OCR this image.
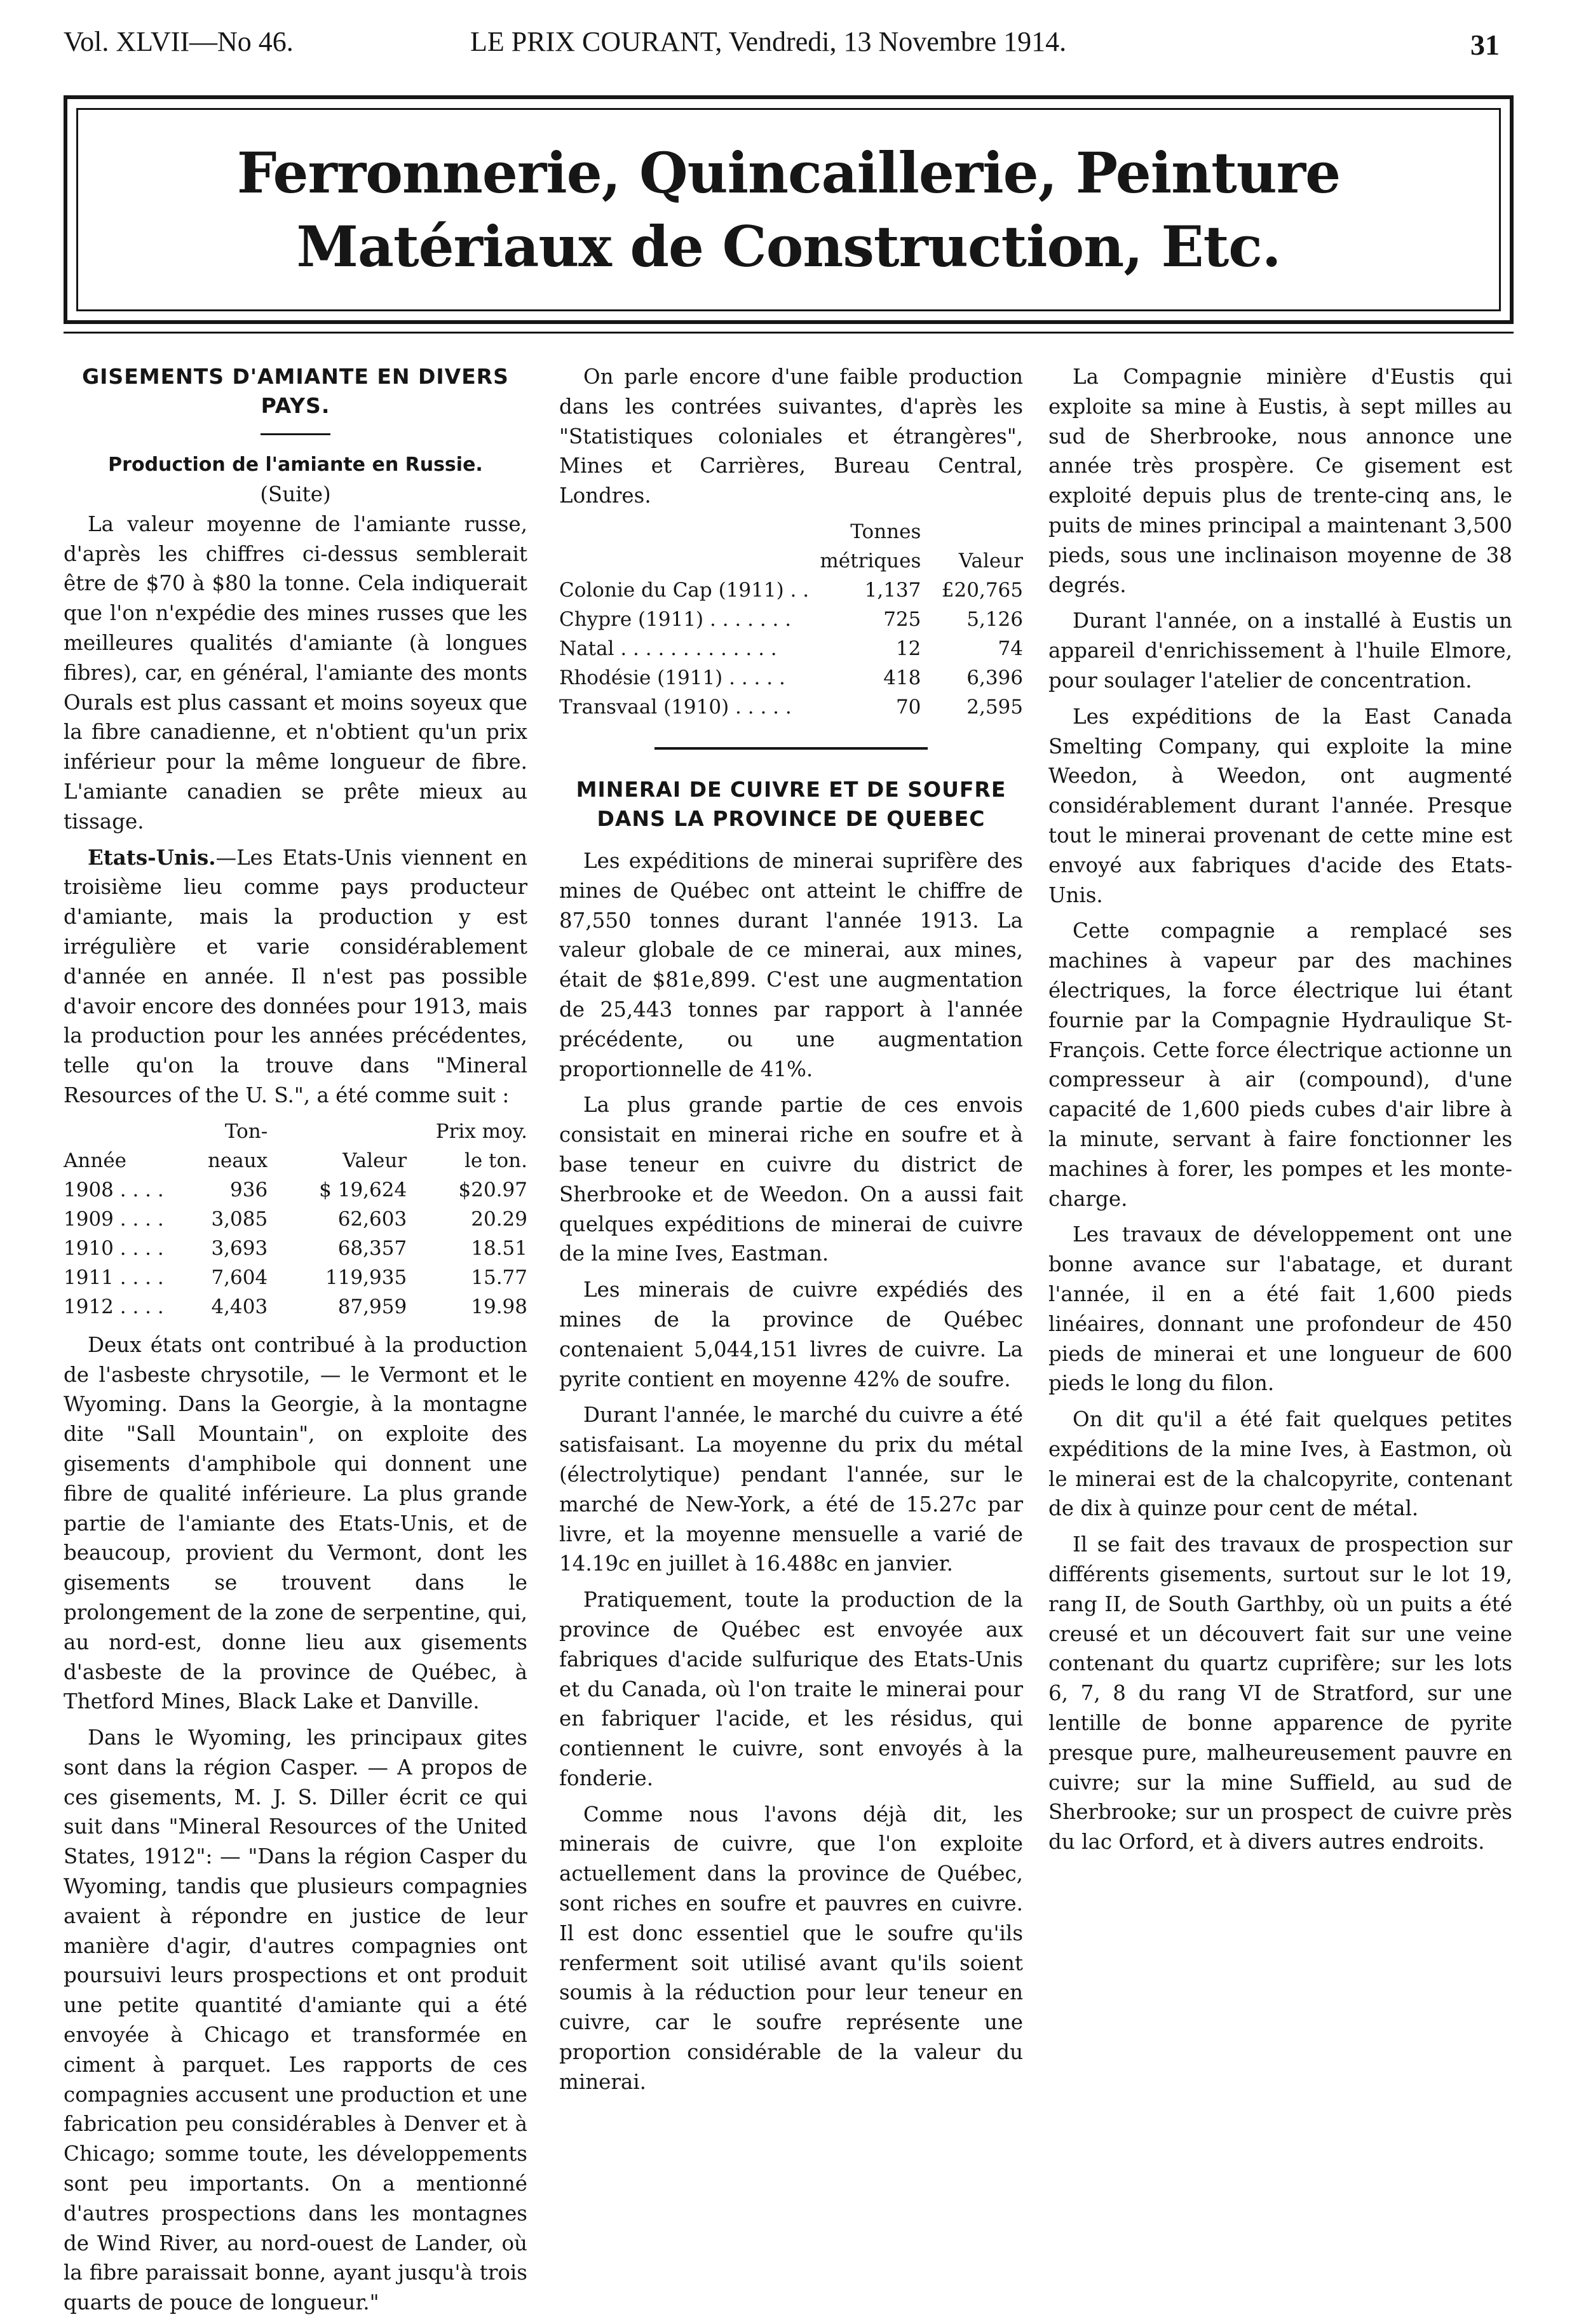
Vol. XLVII—No 46.	LE PRIX COURANT, Vendredi, 13 Novembre 1914.	31
Ferronnerie, Quincaillerie, Peinture
Matériaux de Construction, Etc.
GISEMENTS D'AMIANTE EN DIVERS PAYS.
Production de l'amiante en Russie.
(Suite)

La valeur moyenne de l'amiante russe, d'après les chiffres ci-dessus semblerait être de $70 à $80 la tonne. Cela indiquerait que l'on n'expédie des mines russes que les meilleures qualités d'amiante (à longues fibres), car, en général, l'amiante des monts Ourals est plus cassant et moins soyeux que la fibre canadienne, et n'obtient qu'un prix inférieur pour la même longueur de fibre. L'amiante canadien se prête mieux au tissage.

Etats-Unis.—Les Etats-Unis viennent en troisième lieu comme pays producteur d'amiante, mais la production y est irrégulière et varie considérablement d'année en année. Il n'est pas possible d'avoir encore des données pour 1913, mais la production pour les années précédentes, telle qu'on la trouve dans "Mineral Resources of the U. S.", a été comme suit :

	Ton-		Prix moy.
Année	neaux	Valeur	le ton.
1908 . . . .	936	$ 19,624	$20.97
1909 . . . .	3,085	62,603	20.29
1910 . . . .	3,693	68,357	18.51
1911 . . . .	7,604	119,935	15.77
1912 . . . .	4,403	87,959	19.98

Deux états ont contribué à la production de l'asbeste chrysotile, — le Vermont et le Wyoming. Dans la Georgie, à la montagne dite "Sall Mountain", on exploite des gisements d'amphibole qui donnent une fibre de qualité inférieure. La plus grande partie de l'amiante des Etats-Unis, et de beaucoup, provient du Vermont, dont les gisements se trouvent dans le prolongement de la zone de serpentine, qui, au nord-est, donne lieu aux gisements d'asbeste de la province de Québec, à Thetford Mines, Black Lake et Danville.

Dans le Wyoming, les principaux gites sont dans la région Casper. — A propos de ces gisements, M. J. S. Diller écrit ce qui suit dans "Mineral Resources of the United States, 1912": — "Dans la région Casper du Wyoming, tandis que plusieurs compagnies avaient à répondre en justice de leur manière d'agir, d'autres compagnies ont poursuivi leurs prospections et ont produit une petite quantité d'amiante qui a été envoyée à Chicago et transformée en ciment à parquet. Les rapports de ces compagnies accusent une production et une fabrication peu considérables à Denver et à Chicago; somme toute, les développements sont peu importants. On a mentionné d'autres prospections dans les montagnes de Wind River, au nord-ouest de Lander, où la fibre paraissait bonne, ayant jusqu'à trois quarts de pouce de longueur."

On parle encore d'une faible production dans les contrées suivantes, d'après les "Statistiques coloniales et étrangères", Mines et Carrières, Bureau Central, Londres.

	Tonnes	
	métriques	Valeur
Colonie du Cap (1911) . .	1,137	£20,765
Chypre (1911) . . . . . . .	725	5,126
Natal . . . . . . . . . . . . .	12	74
Rhodésie (1911) . . . . .	418	6,396
Transvaal (1910) . . . . .	70	2,595
MINERAI DE CUIVRE ET DE SOUFRE DANS LA PROVINCE DE QUEBEC

Les expéditions de minerai suprifère des mines de Québec ont atteint le chiffre de 87,550 tonnes durant l'année 1913. La valeur globale de ce minerai, aux mines, était de $81e,899. C'est une augmentation de 25,443 tonnes par rapport à l'année précédente, ou une augmentation proportionnelle de 41%.

La plus grande partie de ces envois consistait en minerai riche en soufre et à base teneur en cuivre du district de Sherbrooke et de Weedon. On a aussi fait quelques expéditions de minerai de cuivre de la mine Ives, Eastman.

Les minerais de cuivre expédiés des mines de la province de Québec contenaient 5,044,151 livres de cuivre. La pyrite contient en moyenne 42% de soufre.

Durant l'année, le marché du cuivre a été satisfaisant. La moyenne du prix du métal (électrolytique) pendant l'année, sur le marché de New-York, a été de 15.27c par livre, et la moyenne mensuelle a varié de 14.19c en juillet à 16.488c en janvier.

Pratiquement, toute la production de la province de Québec est envoyée aux fabriques d'acide sulfurique des Etats-Unis et du Canada, où l'on traite le minerai pour en fabriquer l'acide, et les résidus, qui contiennent le cuivre, sont envoyés à la fonderie.

Comme nous l'avons déjà dit, les minerais de cuivre, que l'on exploite actuellement dans la province de Québec, sont riches en soufre et pauvres en cuivre. Il est donc essentiel que le soufre qu'ils renferment soit utilisé avant qu'ils soient soumis à la réduction pour leur teneur en cuivre, car le soufre représente une proportion considérable de la valeur du minerai.

La Compagnie minière d'Eustis qui exploite sa mine à Eustis, à sept milles au sud de Sherbrooke, nous annonce une année très prospère. Ce gisement est exploité depuis plus de trente-cinq ans, le puits de mines principal a maintenant 3,500 pieds, sous une inclinaison moyenne de 38 degrés.

Durant l'année, on a installé à Eustis un appareil d'enrichissement à l'huile Elmore, pour soulager l'atelier de concentration.

Les expéditions de la East Canada Smelting Company, qui exploite la mine Weedon, à Weedon, ont augmenté considérablement durant l'année. Presque tout le minerai provenant de cette mine est envoyé aux fabriques d'acide des Etats-Unis.

Cette compagnie a remplacé ses machines à vapeur par des machines électriques, la force électrique lui étant fournie par la Compagnie Hydraulique St-François. Cette force électrique actionne un compresseur à air (compound), d'une capacité de 1,600 pieds cubes d'air libre à la minute, servant à faire fonctionner les machines à forer, les pompes et les monte-charge.

Les travaux de développement ont une bonne avance sur l'abatage, et durant l'année, il en a été fait 1,600 pieds linéaires, donnant une profondeur de 450 pieds de minerai et une longueur de 600 pieds le long du filon.

On dit qu'il a été fait quelques petites expéditions de la mine Ives, à Eastmon, où le minerai est de la chalcopyrite, contenant de dix à quinze pour cent de métal.

Il se fait des travaux de prospection sur différents gisements, surtout sur le lot 19, rang II, de South Garthby, où un puits a été creusé et un découvert fait sur une veine contenant du quartz cuprifère; sur les lots 6, 7, 8 du rang VI de Stratford, sur une lentille de bonne apparence de pyrite presque pure, malheureusement pauvre en cuivre; sur la mine Suffield, au sud de Sherbrooke; sur un prospect de cuivre près du lac Orford, et à divers autres endroits.
